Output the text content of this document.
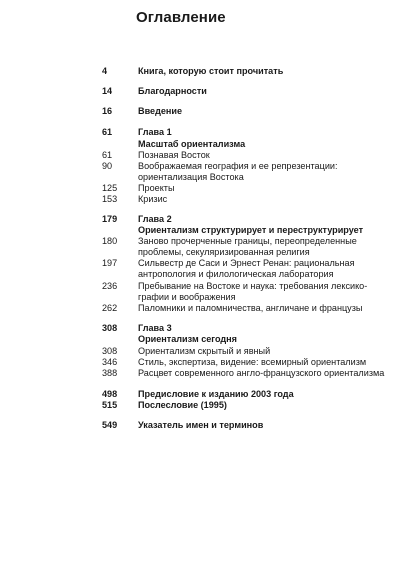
Оглавление
4	Книга, которую стоит прочитать
14	Благодарности
16	Введение
61	Глава 1
Масштаб ориентализма
61	Познавая Восток
90	Воображаемая география и ее репрезентации:
ориентализация Востока
125	Проекты
153	Кризис
179	Глава 2
Ориентализм структурирует и переструктурирует
180	Заново прочерченные границы, переопределенные
проблемы, секуляризированная религия
197	Сильвестр де Саси и Эрнест Ренан: рациональная
антропология и филологическая лаборатория
236	Пребывание на Востоке и наука: требования лексико-
графии и воображения
262	Паломники и паломничества, англичане и французы
308	Глава 3
Ориентализм сегодня
308	Ориентализм скрытый и явный
346	Стиль, экспертиза, видение: всемирный ориентализм
388	Расцвет современного англо-французского ориентализма
498	Предисловие к изданию 2003 года
515	Послесловие (1995)
549	Указатель имен и терминов
